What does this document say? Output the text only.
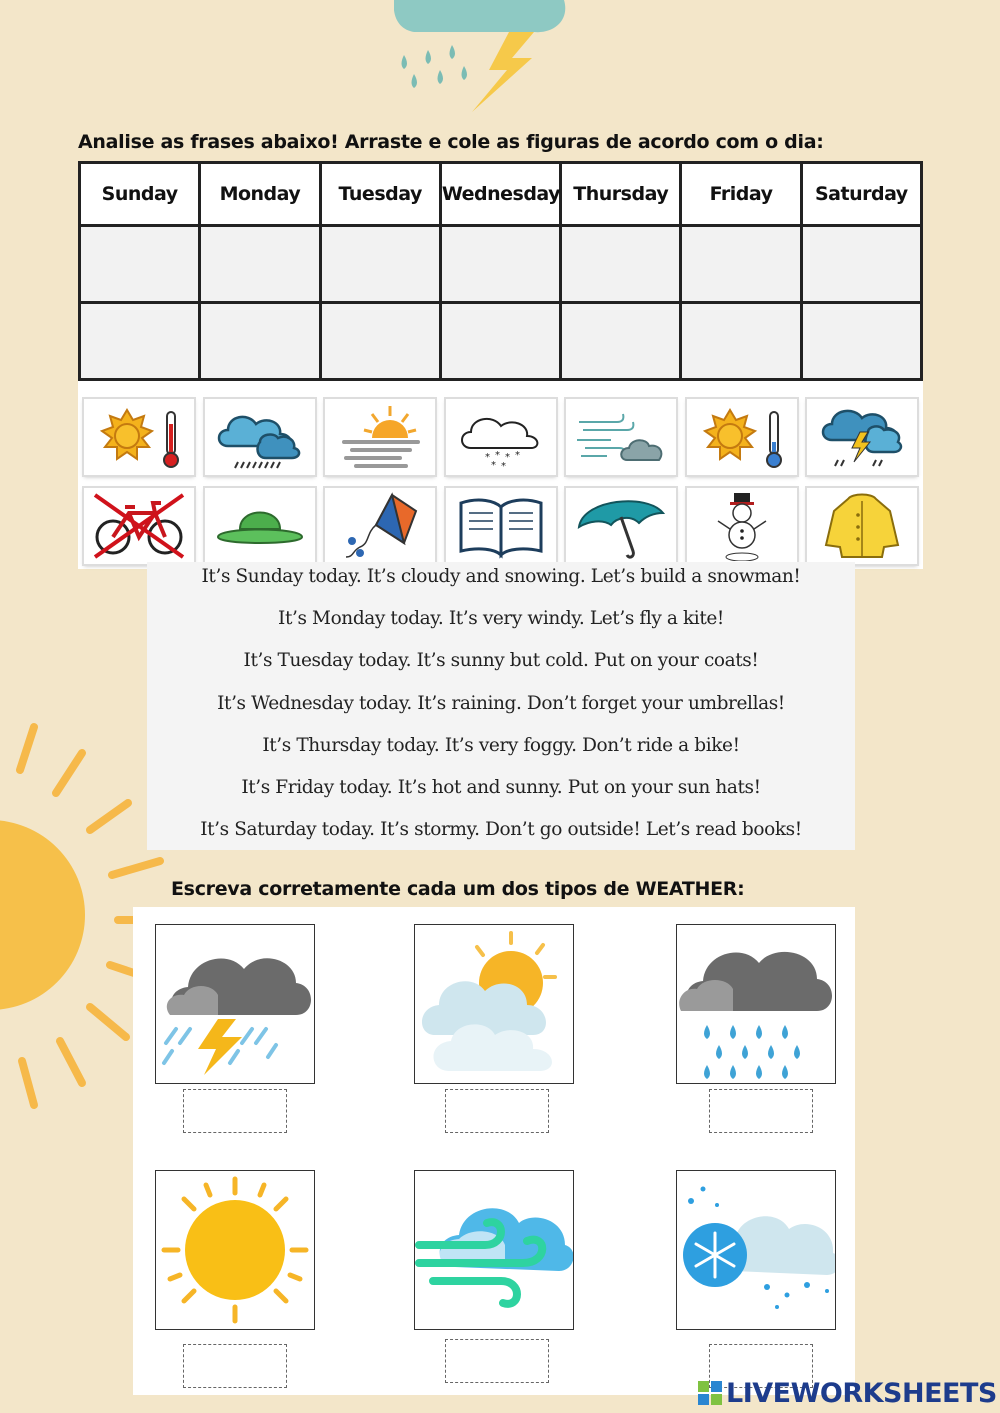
Analise as frases abaixo! Arraste e cole as figuras de acordo com o dia:
Sunday	Monday	Tuesday	Wednesday	Thursday	Friday	Saturday

* * * *
* *
It’s Sunday today. It’s cloudy and snowing. Let’s build a snowman!
It’s Monday today. It’s very windy. Let’s fly a kite!
It’s Tuesday today. It’s sunny but cold. Put on your coats!
It’s Wednesday today. It’s raining. Don’t forget your umbrellas!
It’s Thursday today. It’s very foggy. Don’t ride a bike!
It’s Friday today. It’s hot and sunny. Put on your sun hats!
It’s Saturday today. It’s stormy. Don’t go outside! Let’s read books!
Escreva corretamente cada um dos tipos de WEATHER:
LIVEWORKSHEETS
